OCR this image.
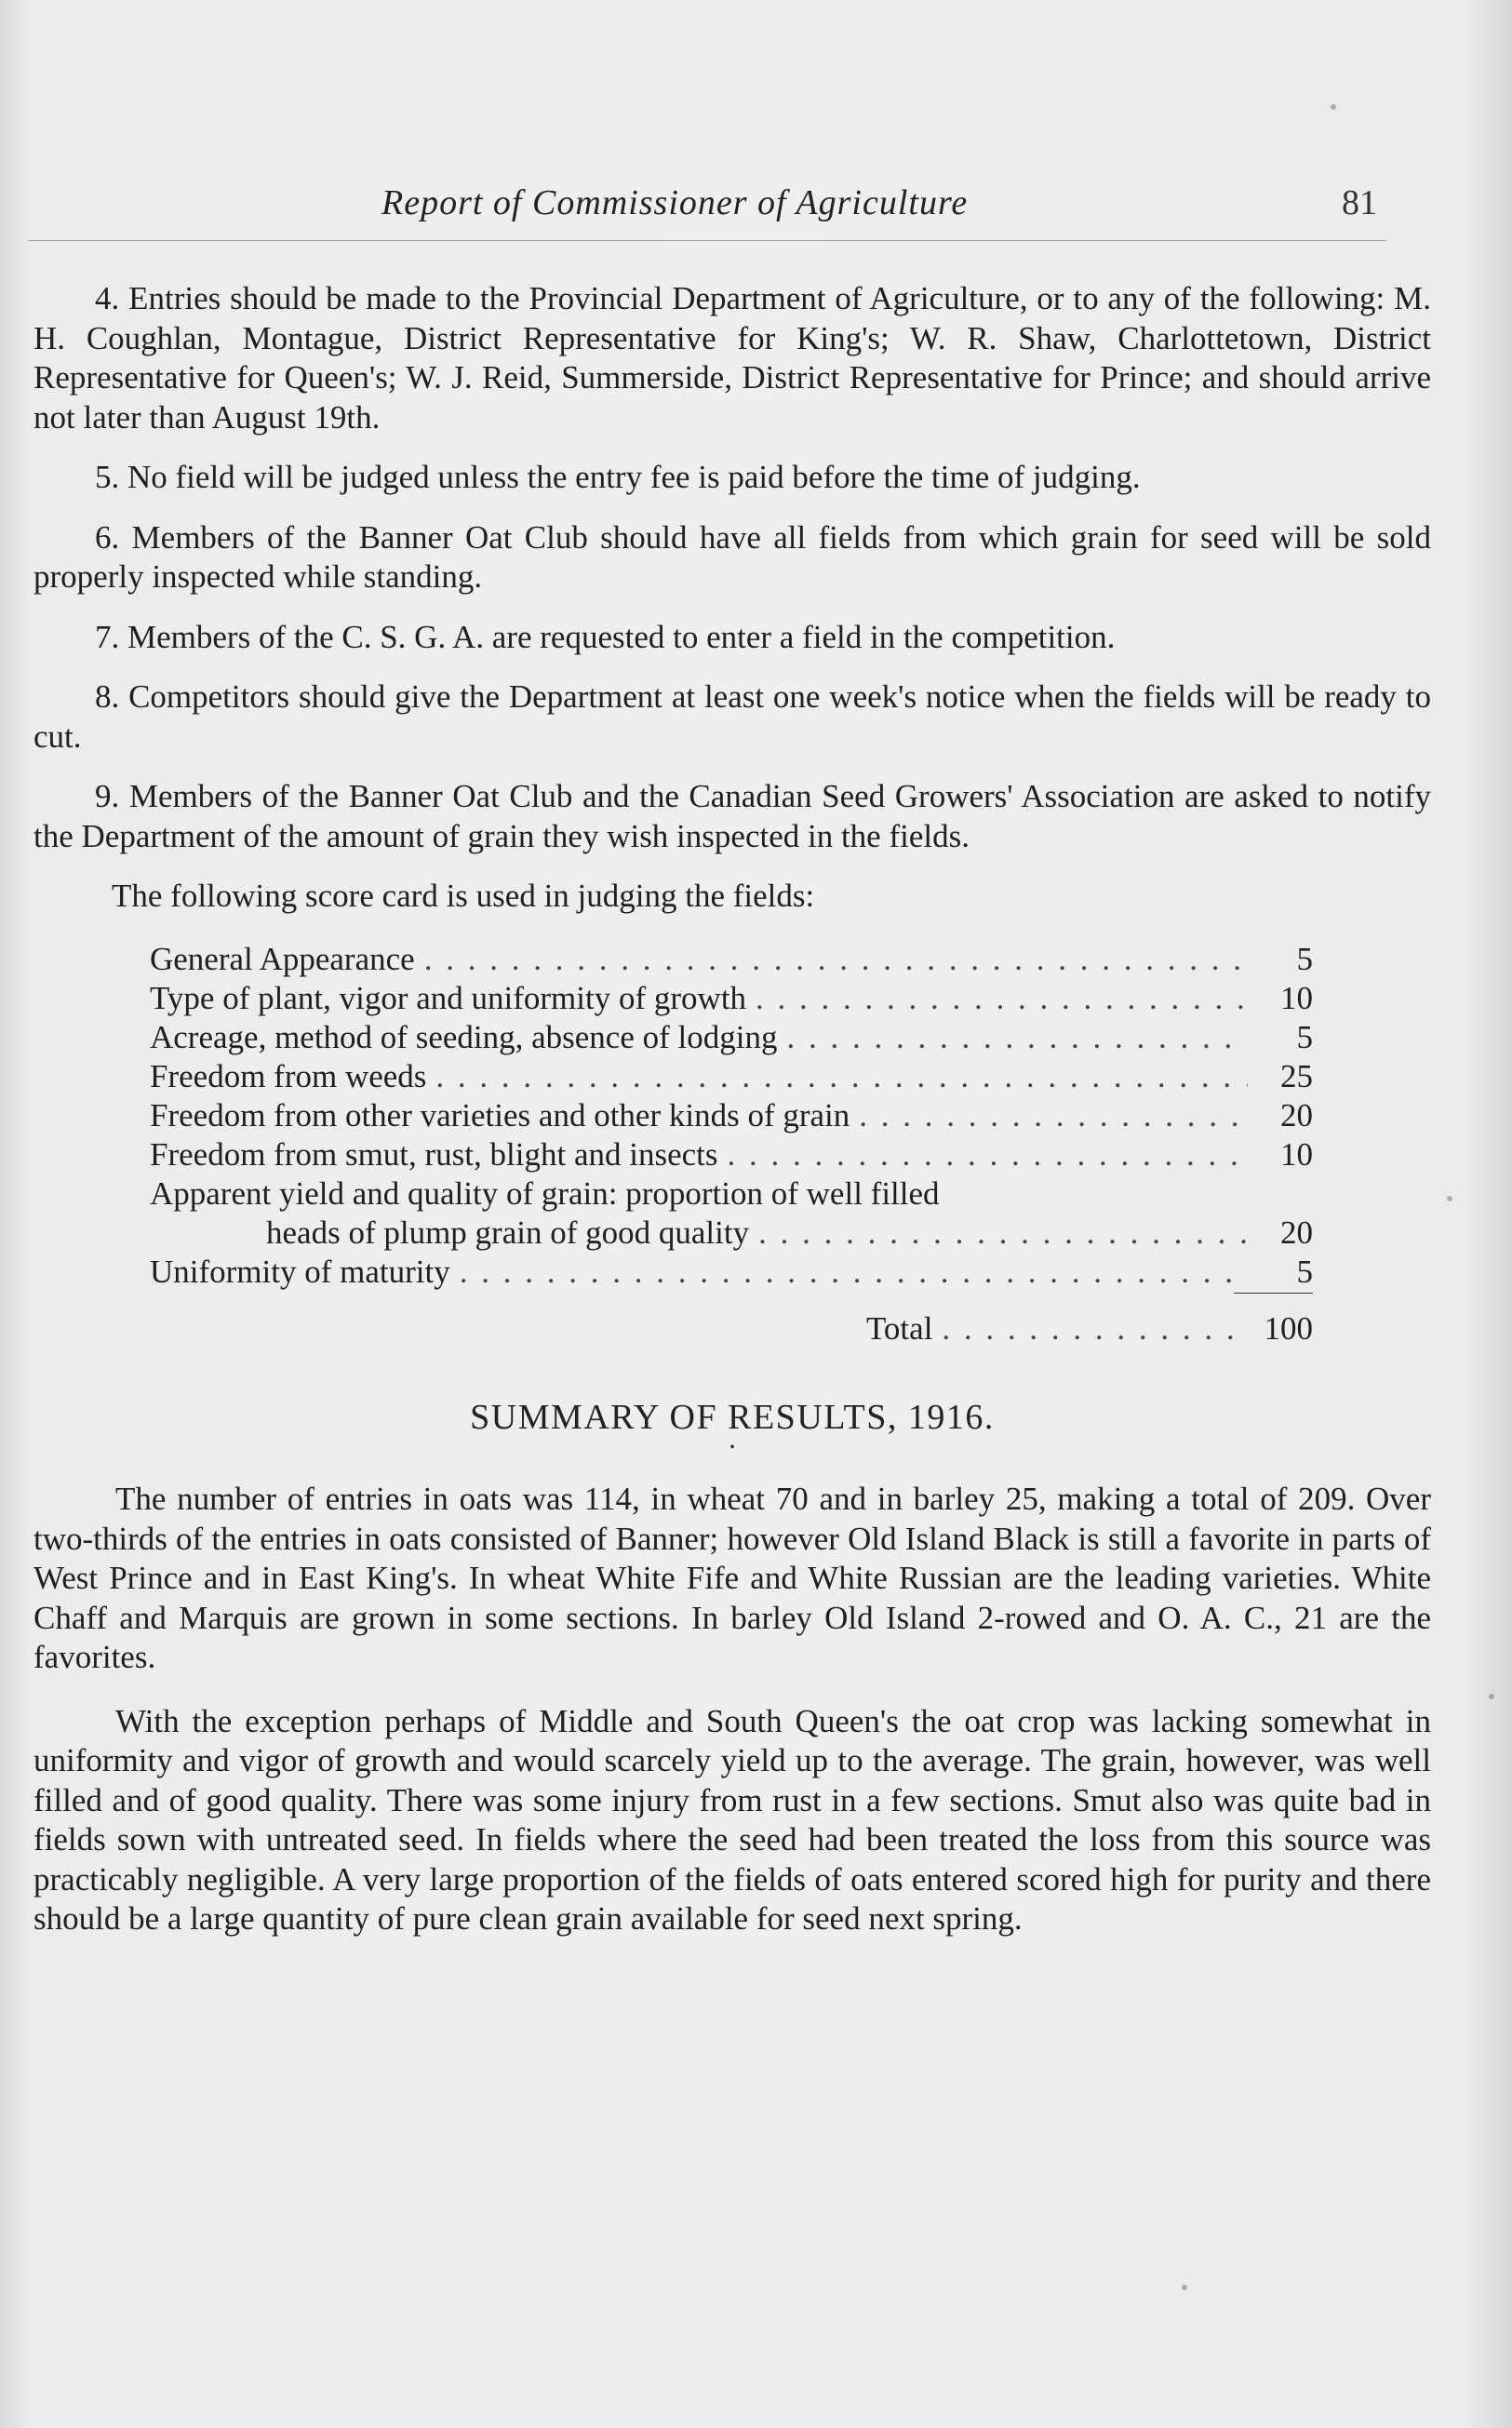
Report of Commissioner of Agriculture	81

4. Entries should be made to the Provincial Department of Agriculture, or to any of the following: M. H. Coughlan, Montague, District Representative for King's; W. R. Shaw, Charlottetown, District Representative for Queen's; W. J. Reid, Summerside, District Representative for Prince; and should arrive not later than August 19th.

5. No field will be judged unless the entry fee is paid before the time of judging.

6. Members of the Banner Oat Club should have all fields from which grain for seed will be sold properly inspected while standing.

7. Members of the C. S. G. A. are requested to enter a field in the competition.

8. Competitors should give the Department at least one week's notice when the fields will be ready to cut.

9. Members of the Banner Oat Club and the Canadian Seed Growers' Association are asked to notify the Department of the amount of grain they wish inspected in the fields.

The following score card is used in judging the fields:

General Appearance . . .	5
Type of plant, vigor and uniformity of growth . . .	10
Acreage, method of seeding, absence of lodging . . .	5
Freedom from weeds . . .	25
Freedom from other varieties and other kinds of grain . . .	20
Freedom from smut, rust, blight and insects . . .	10
Apparent yield and quality of grain: proportion of well filled
heads of plump grain of good quality . . .	20
Uniformity of maturity . . .	5
Total . . .	100
SUMMARY OF RESULTS, 1916.
•

The number of entries in oats was 114, in wheat 70 and in barley 25, making a total of 209. Over two-thirds of the entries in oats consisted of Banner; however Old Island Black is still a favorite in parts of West Prince and in East King's. In wheat White Fife and White Russian are the leading varieties. White Chaff and Marquis are grown in some sections. In barley Old Island 2-rowed and O. A. C., 21 are the favorites.

With the exception perhaps of Middle and South Queen's the oat crop was lacking somewhat in uniformity and vigor of growth and would scarcely yield up to the average. The grain, however, was well filled and of good quality. There was some injury from rust in a few sections. Smut also was quite bad in fields sown with untreated seed. In fields where the seed had been treated the loss from this source was practicably negligible. A very large proportion of the fields of oats entered scored high for purity and there should be a large quantity of pure clean grain available for seed next spring.
